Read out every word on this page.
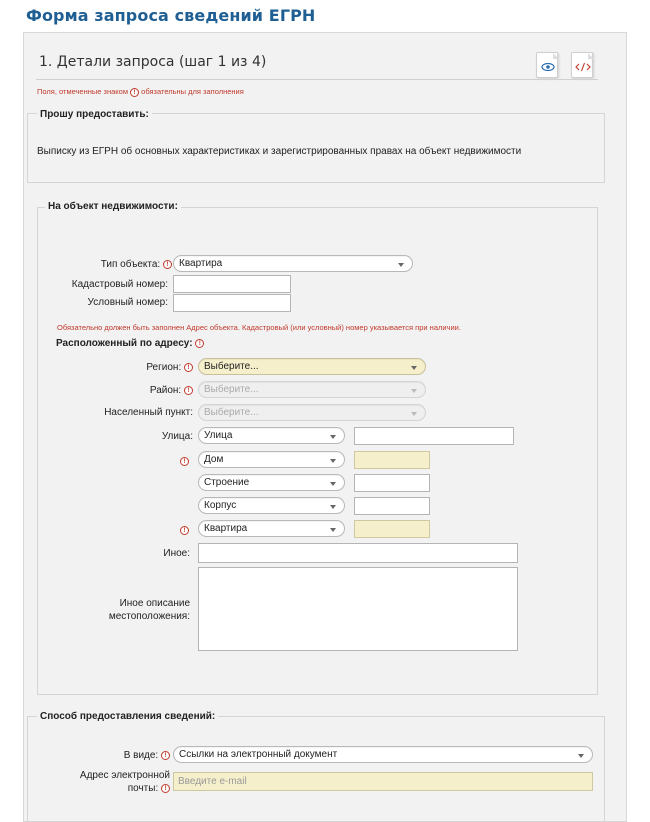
Форма запроса сведений ЕГРН
1. Детали запроса (шаг 1 из 4)
Поля, отмеченные знаком ! обязательны для заполнения
Прошу предоставить:
Выписку из ЕГРН об основных характеристиках и зарегистрированных правах на объект недвижимости
На объект недвижимости:
Тип объекта: !	Квартира
Кадастровый номер:
Условный номер:
Обязательно должен быть заполнен Адрес объекта. Кадастровый (или условный) номер указывается при наличии.
Расположенный по адресу: !
Регион: !	Выберите...
Район: !	Выберите...
Населенный пункт:	Выберите...
Улица:	Улица
!	Дом
Строение
Корпус
!	Квартира
Иное:
Иное описание
местоположения:
Способ предоставления сведений:
В виде: !	Ссылки на электронный документ
Адрес электронной
почты: !
Введите e-mail
